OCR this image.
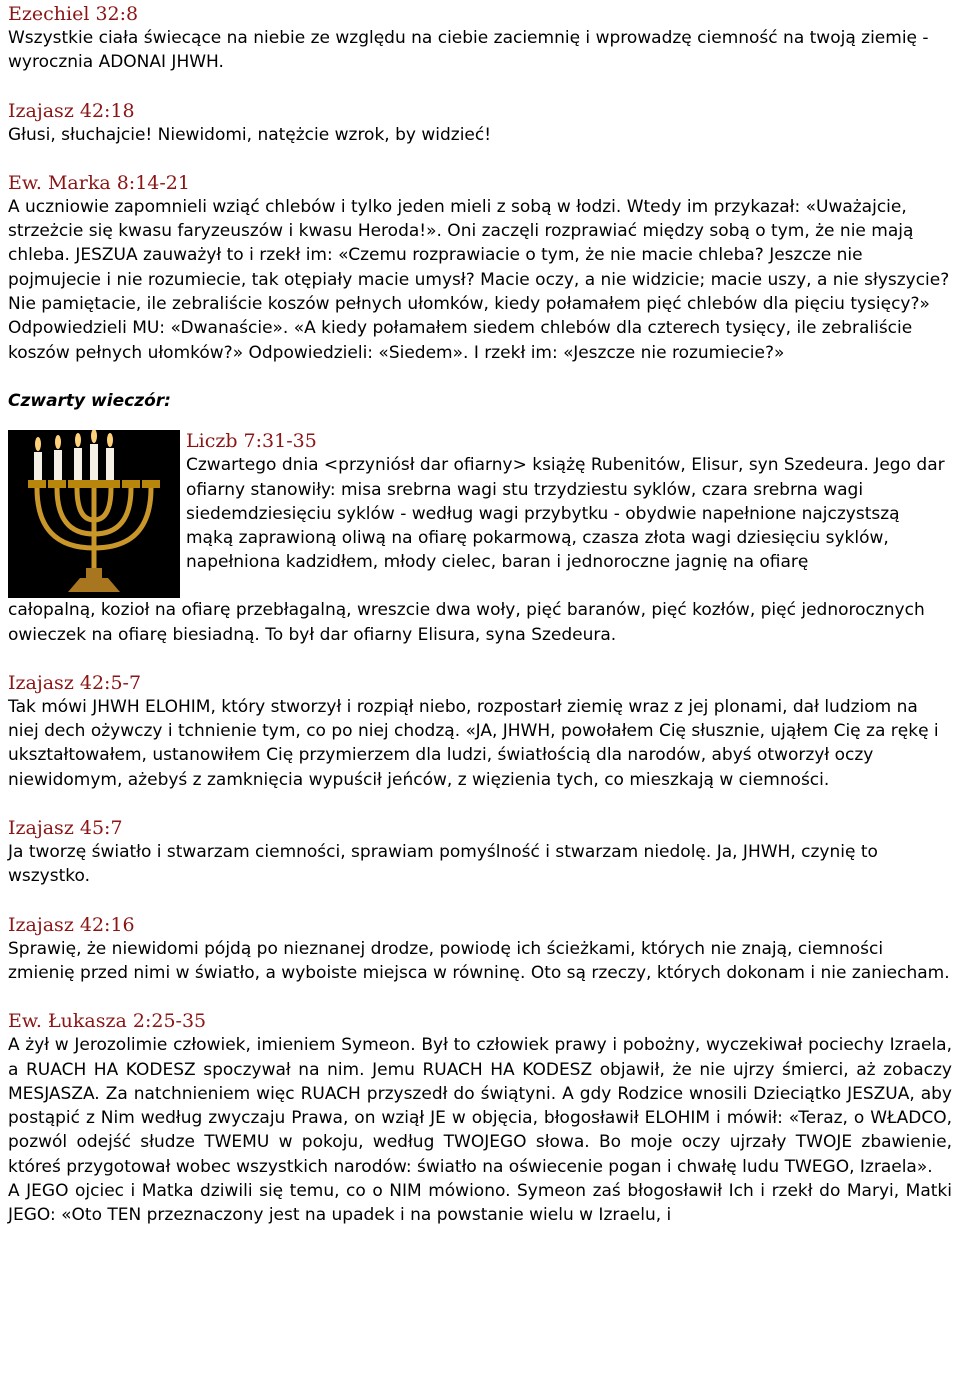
Ezechiel 32:8
Wszystkie ciała świecące na niebie ze względu na ciebie zaciemnię i wprowadzę ciemność na twoją ziemię - wyrocznia ADONAI JHWH.
Izajasz 42:18
Głusi, słuchajcie! Niewidomi, natężcie wzrok, by widzieć!
Ew. Marka 8:14-21
A uczniowie zapomnieli wziąć chlebów i tylko jeden mieli z sobą w łodzi. Wtedy im przykazał: «Uważajcie, strzeżcie się kwasu faryzeuszów i kwasu Heroda!». Oni zaczęli rozprawiać między sobą o tym, że nie mają chleba. JESZUA zauważył to i rzekł im: «Czemu rozprawiacie o tym, że nie macie chleba? Jeszcze nie pojmujecie i nie rozumiecie, tak otępiały macie umysł? Macie oczy, a nie widzicie; macie uszy, a nie słyszycie? Nie pamiętacie, ile zebraliście koszów pełnych ułomków, kiedy połamałem pięć chlebów dla pięciu tysięcy?» Odpowiedzieli MU: «Dwanaście». «A kiedy połamałem siedem chlebów dla czterech tysięcy, ile zebraliście koszów pełnych ułomków?» Odpowiedzieli: «Siedem». I rzekł im: «Jeszcze nie rozumiecie?»
Czwarty wieczór:
Liczb 7:31-35
Czwartego dnia <przyniósł dar ofiarny> książę Rubenitów, Elisur, syn Szedeura. Jego dar ofiarny stanowiły: misa srebrna wagi stu trzydziestu syklów, czara srebrna wagi siedemdziesięciu syklów - według wagi przybytku - obydwie napełnione najczystszą mąką zaprawioną oliwą na ofiarę pokarmową, czasza złota wagi dziesięciu syklów, napełniona kadzidłem, młody cielec, baran i jednoroczne jagnię na ofiarę
całopalną, kozioł na ofiarę przebłagalną, wreszcie dwa woły, pięć baranów, pięć kozłów, pięć jednorocznych owieczek na ofiarę biesiadną. To był dar ofiarny Elisura, syna Szedeura.
Izajasz 42:5-7
Tak mówi JHWH ELOHIM, który stworzył i rozpiął niebo, rozpostarł ziemię wraz z jej plonami, dał ludziom na niej dech ożywczy i tchnienie tym, co po niej chodzą. «JA, JHWH, powołałem Cię słusznie, ująłem Cię za rękę i ukształtowałem, ustanowiłem Cię przymierzem dla ludzi, światłością dla narodów, abyś otworzył oczy niewidomym, ażebyś z zamknięcia wypuścił jeńców, z więzienia tych, co mieszkają w ciemności.
Izajasz 45:7
Ja tworzę światło i stwarzam ciemności, sprawiam pomyślność i stwarzam niedolę. Ja, JHWH, czynię to wszystko.
Izajasz 42:16
Sprawię, że niewidomi pójdą po nieznanej drodze, powiodę ich ścieżkami, których nie znają, ciemności zmienię przed nimi w światło, a wyboiste miejsca w równinę. Oto są rzeczy, których dokonam i nie zaniecham.
Ew. Łukasza 2:25-35
A żył w Jerozolimie człowiek, imieniem Symeon. Był to człowiek prawy i pobożny, wyczekiwał pociechy Izraela, a RUACH HA KODESZ spoczywał na nim. Jemu RUACH HA KODESZ objawił, że nie ujrzy śmierci, aż zobaczy MESJASZA. Za natchnieniem więc RUACH przyszedł do świątyni. A gdy Rodzice wnosili Dzieciątko JESZUA, aby postąpić z Nim według zwyczaju Prawa, on wziął JE w objęcia, błogosławił ELOHIM i mówił: «Teraz, o WŁADCO, pozwól odejść słudze TWEMU w pokoju, według TWOJEGO słowa. Bo moje oczy ujrzały TWOJE zbawienie, któreś przygotował wobec wszystkich narodów: światło na oświecenie pogan i chwałę ludu TWEGO, Izraela».
A JEGO ojciec i Matka dziwili się temu, co o NIM mówiono. Symeon zaś błogosławił Ich i rzekł do Maryi, Matki JEGO: «Oto TEN przeznaczony jest na upadek i na powstanie wielu w Izraelu, i
